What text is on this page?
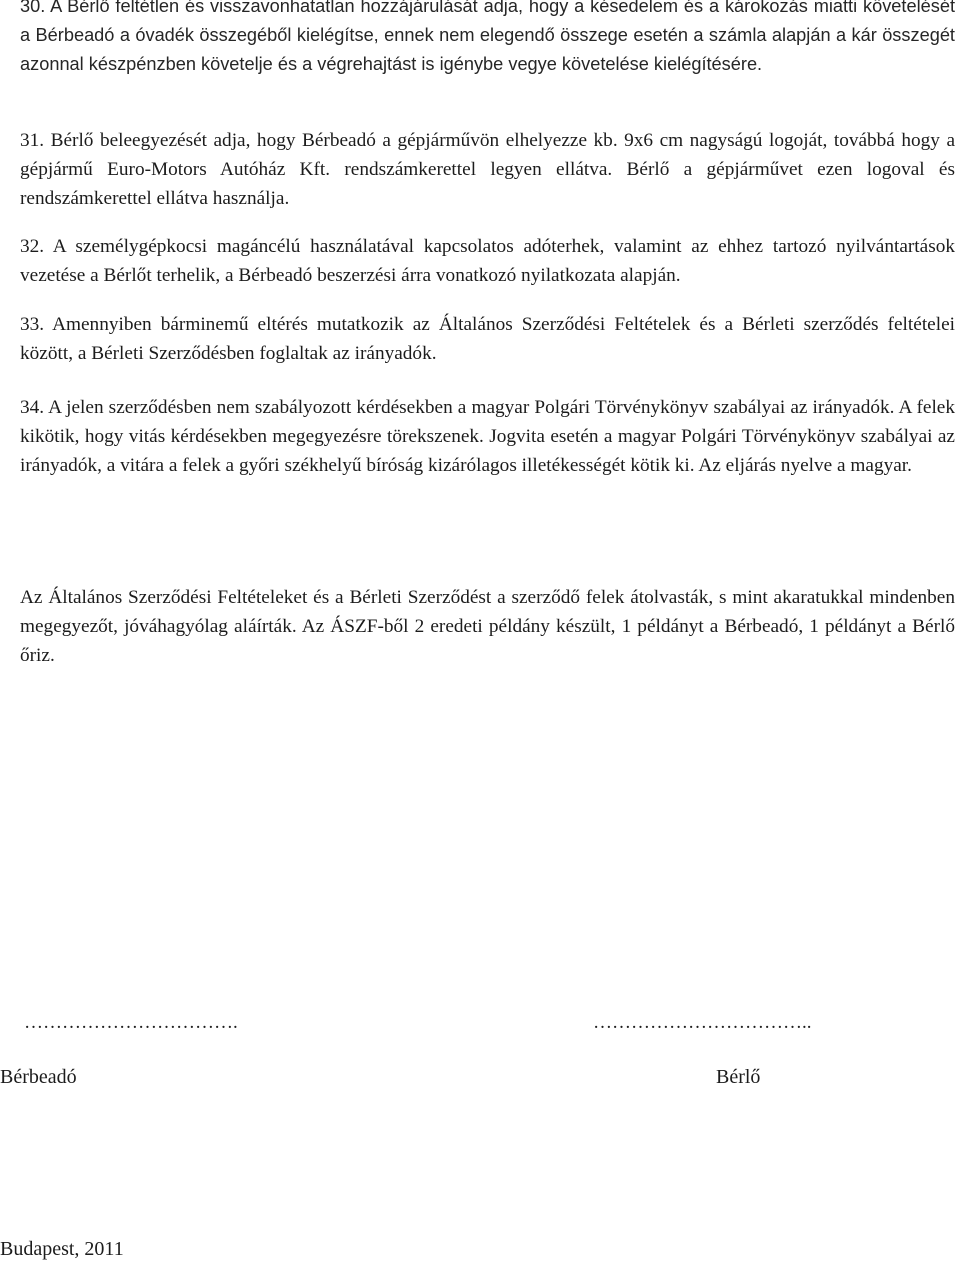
30. A Bérlő feltétlen és visszavonhatatlan hozzájárulását adja, hogy a késedelem és a károkozás miatti követelését a Bérbeadó a óvadék összegéből kielégítse, ennek nem elegendő összege esetén a számla alapján a kár összegét azonnal készpénzben követelje és a végrehajtást is igénybe vegye követelése kielégítésére.

31. Bérlő beleegyezését adja, hogy Bérbeadó a gépjárművön elhelyezze kb. 9x6 cm nagyságú logoját, továbbá hogy a gépjármű Euro-Motors Autóház Kft. rendszámkerettel legyen ellátva. Bérlő a gépjárművet ezen logoval és rendszámkerettel ellátva használja.

32. A személygépkocsi magáncélú használatával kapcsolatos adóterhek, valamint az ehhez tartozó nyilvántartások vezetése a Bérlőt terhelik, a Bérbeadó beszerzési árra vonatkozó nyilatkozata alapján.

33. Amennyiben bárminemű eltérés mutatkozik az Általános Szerződési Feltételek és a Bérleti szerződés feltételei között, a Bérleti Szerződésben foglaltak az irányadók.

34. A jelen szerződésben nem szabályozott kérdésekben a magyar Polgári Törvénykönyv szabályai az irányadók. A felek kikötik, hogy vitás kérdésekben megegyezésre törekszenek. Jogvita esetén a magyar Polgári Törvénykönyv szabályai az irányadók, a vitára a felek a győri székhelyű bíróság kizárólagos illetékességét kötik ki. Az eljárás nyelve a magyar.

Az Általános Szerződési Feltételeket és a Bérleti Szerződést a szerződő felek átolvasták, s mint akaratukkal mindenben megegyezőt, jóváhagyólag aláírták. Az ÁSZF-ből 2 eredeti példány készült, 1 példányt a Bérbeadó, 1 példányt a Bérlő őriz.

…………………………….	……………………………..
Bérbeadó	Bérlő
Budapest, 2011
